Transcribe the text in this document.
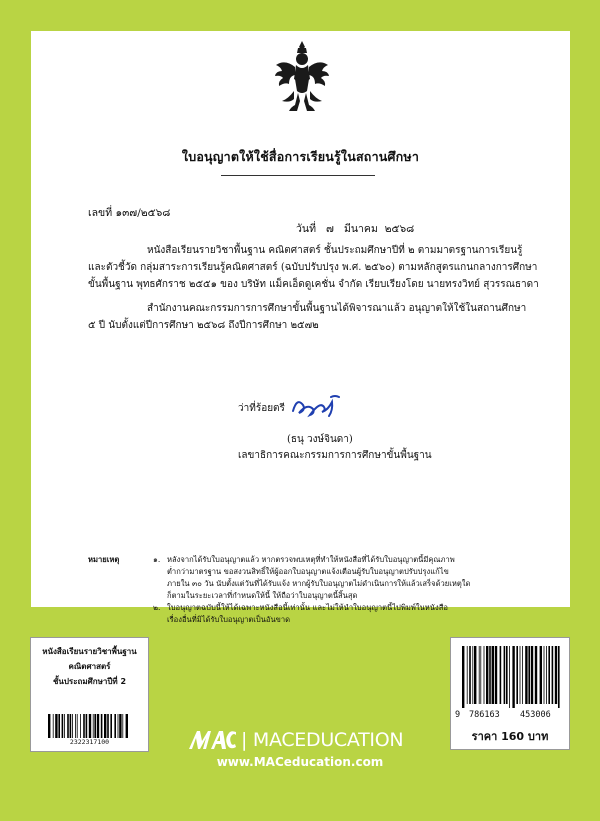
ใบอนุญาตให้ใช้สื่อการเรียนรู้ในสถานศึกษา
เลขที่ ๑๓๗/๒๕๖๘
วันที่ ๗ มีนาคม ๒๕๖๘
หนังสือเรียนรายวิชาพื้นฐาน คณิตศาสตร์ ชั้นประถมศึกษาปีที่ ๒ ตามมาตรฐานการเรียนรู้
และตัวชี้วัด กลุ่มสาระการเรียนรู้คณิตศาสตร์ (ฉบับปรับปรุง พ.ศ. ๒๕๖๐) ตามหลักสูตรแกนกลางการศึกษา
ขั้นพื้นฐาน พุทธศักราช ๒๕๕๑ ของ บริษัท แม็คเอ็ดดูเคชั่น จำกัด เรียบเรียงโดย นายทรงวิทย์ สุวรรณธาดา
สำนักงานคณะกรรมการการศึกษาขั้นพื้นฐานได้พิจารณาแล้ว อนุญาตให้ใช้ในสถานศึกษา
๕ ปี นับตั้งแต่ปีการศึกษา ๒๕๖๘ ถึงปีการศึกษา ๒๕๗๒
ว่าที่ร้อยตรี
(ธนุ วงษ์จินดา)
เลขาธิการคณะกรรมการการศึกษาขั้นพื้นฐาน
หมายเหตุ	๑. หลังจากได้รับใบอนุญาตแล้ว หากตรวจพบเหตุที่ทำให้หนังสือที่ได้รับใบอนุญาตนี้มีคุณภาพ
ต่ำกว่ามาตรฐาน ขอสงวนสิทธิ์ให้ผู้ออกใบอนุญาตแจ้งเตือนผู้รับใบอนุญาตปรับปรุงแก้ไข
ภายใน ๓๐ วัน นับตั้งแต่วันที่ได้รับแจ้ง หากผู้รับใบอนุญาตไม่ดำเนินการให้แล้วเสร็จด้วยเหตุใด
ก็ตามในระยะเวลาที่กำหนดให้นี้ ให้ถือว่าใบอนุญาตนี้สิ้นสุด
๒. ใบอนุญาตฉบับนี้ให้ได้เฉพาะหนังสือนี้เท่านั้น และไม่ให้นำใบอนุญาตนี้ไปพิมพ์ในหนังสือ
เรื่องอื่นที่มิได้รับใบอนุญาตเป็นอันขาด
หนังสือเรียนรายวิชาพื้นฐาน
คณิตศาสตร์
ชั้นประถมศึกษาปีที่ 2
2322317100	| MACEDUCATION
www.MACeducation.com
9 786163 453006
ราคา 160 บาท
